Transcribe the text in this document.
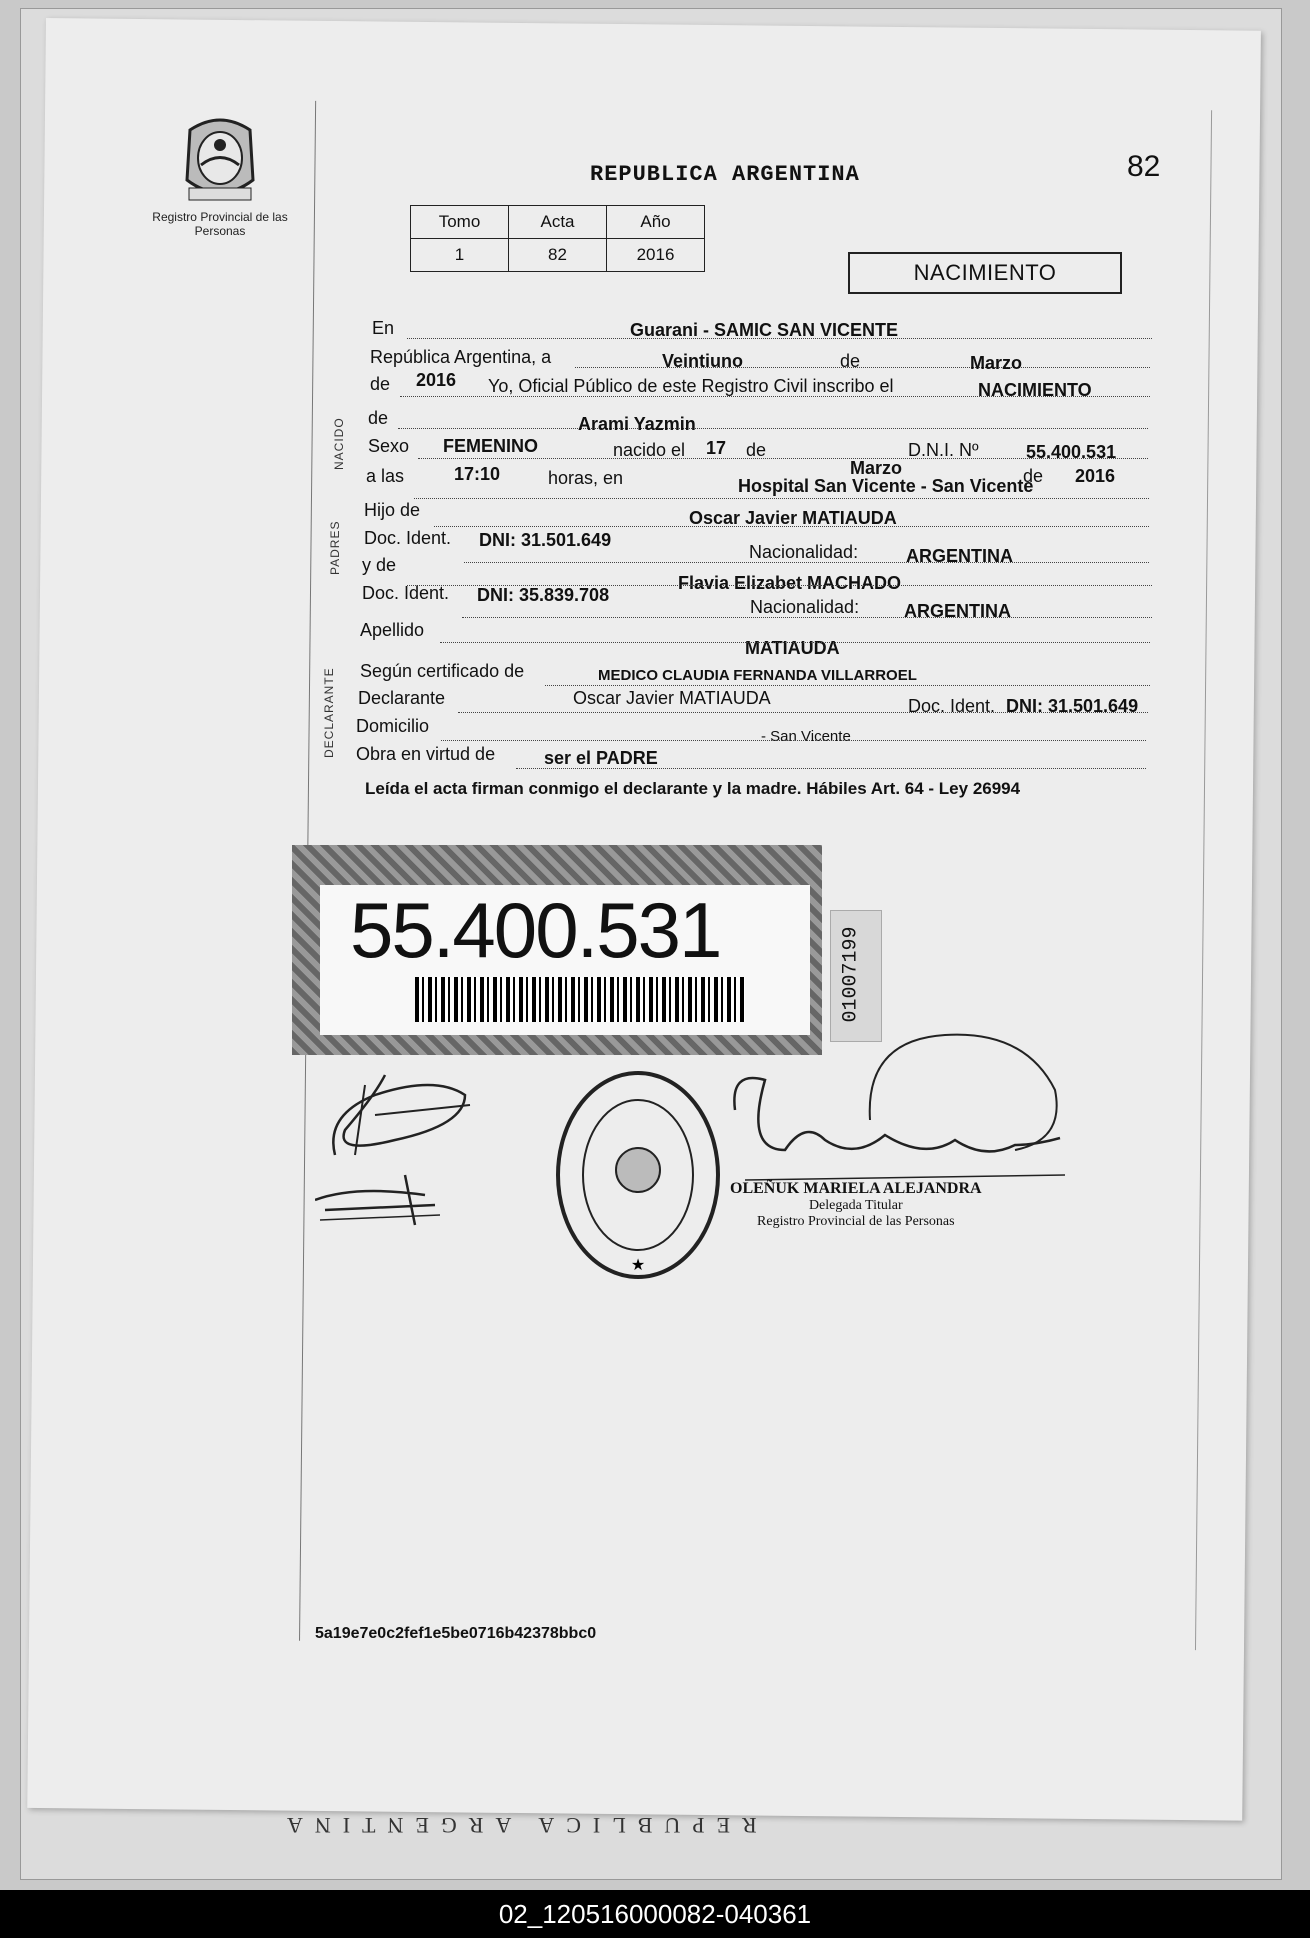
Registro Provincial de las Personas
REPUBLICA ARGENTINA	82
Tomo	Acta	Año
1	82	2016
NACIMIENTO
NACIDO
PADRES
DECLARANTE
En	Guarani - SAMIC SAN VICENTE
República Argentina, a	Veintiuno	de	Marzo
de 2016 Yo, Oficial Público de este Registro Civil inscribo el	NACIMIENTO
de	Arami Yazmin
Sexo FEMENINO	nacido el 17 de	D.N.I. Nº	55.400.531
Marzo	de 2016
a las	17:10	horas, en	Hospital San Vicente - San Vicente
Hijo de	Oscar Javier MATIAUDA
Doc. Ident. DNI: 31.501.649
Nacionalidad:	ARGENTINA
y de
Flavia Elizabet MACHADO
Doc. Ident. DNI: 35.839.708
Nacionalidad: ARGENTINA
Apellido
MATIAUDA
Según certificado de	MEDICO CLAUDIA FERNANDA VILLARROEL
Declarante	Oscar Javier MATIAUDA	Doc. Ident. DNI: 31.501.649
Domicilio
- San Vicente
Obra en virtud de	ser el PADRE
Leída el acta firman conmigo el declarante y la madre. Hábiles Art. 64 - Ley 26994
55.400.531	01007199
★
OLEÑUK MARIELA ALEJANDRA
Delegada Titular
Registro Provincial de las Personas
5a19e7e0c2fef1e5be0716b42378bbc0
REPUBLICA ARGENTINA
02_120516000082-040361
